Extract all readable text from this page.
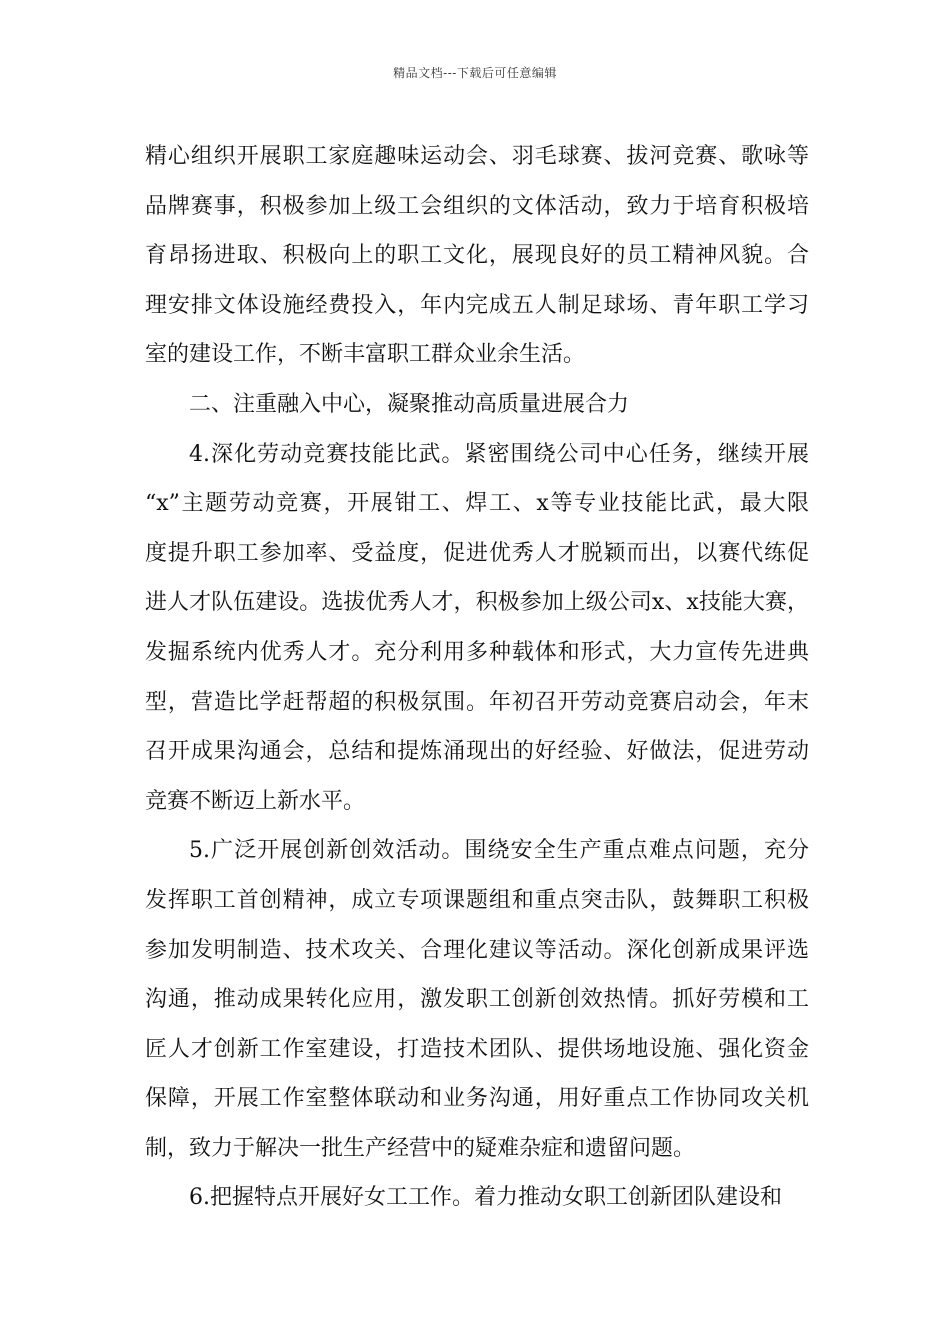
精品文档---下载后可任意编辑
精心组织开展职工家庭趣味运动会、羽毛球赛、拔河竞赛、歌咏等
品牌赛事，积极参加上级工会组织的文体活动，致力于培育积极培
育昂扬进取、积极向上的职工文化，展现良好的员工精神风貌。合
理安排文体设施经费投入，年内完成五人制足球场、青年职工学习
室的建设工作，不断丰富职工群众业余生活。
二、注重融入中心，凝聚推动高质量进展合力
4.深化劳动竞赛技能比武。紧密围绕公司中心任务，继续开展
“x”主题劳动竞赛，开展钳工、焊工、x等专业技能比武，最大限
度提升职工参加率、受益度，促进优秀人才脱颖而出，以赛代练促
进人才队伍建设。选拔优秀人才，积极参加上级公司x、x技能大赛，
发掘系统内优秀人才。充分利用多种载体和形式，大力宣传先进典
型，营造比学赶帮超的积极氛围。年初召开劳动竞赛启动会，年末
召开成果沟通会，总结和提炼涌现出的好经验、好做法，促进劳动
竞赛不断迈上新水平。
5.广泛开展创新创效活动。围绕安全生产重点难点问题，充分
发挥职工首创精神，成立专项课题组和重点突击队，鼓舞职工积极
参加发明制造、技术攻关、合理化建议等活动。深化创新成果评选
沟通，推动成果转化应用，激发职工创新创效热情。抓好劳模和工
匠人才创新工作室建设，打造技术团队、提供场地设施、强化资金
保障，开展工作室整体联动和业务沟通，用好重点工作协同攻关机
制，致力于解决一批生产经营中的疑难杂症和遗留问题。
6.把握特点开展好女工工作。着力推动女职工创新团队建设和
